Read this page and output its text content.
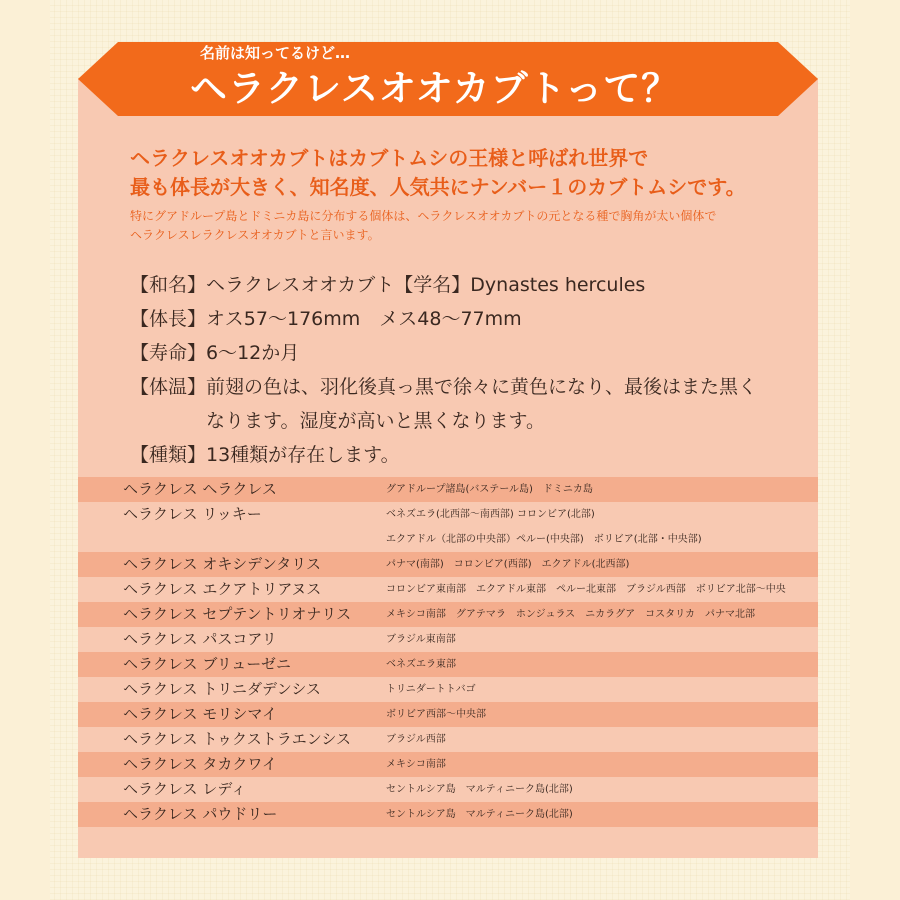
名前は知ってるけど…
ヘラクレスオオカブトって？
ヘラクレスオオカブトはカブトムシの王様と呼ばれ世界で
最も体長が大きく、知名度、人気共にナンバー１のカブトムシです。
特にグアドループ島とドミニカ島に分布する個体は、ヘラクレスオオカブトの元となる種で胸角が太い個体で
ヘラクレスレラクレスオオカブトと言います。
【和名】 ヘラクレスオオカブト【学名】Dynastes hercules
【体長】 オス57〜176mm　メス48〜77mm
【寿命】 6〜12か月
【体温】 前翅の色は、羽化後真っ黒で徐々に黄色になり、最後はまた黒く
なります。湿度が高いと黒くなります。
【種類】 13種類が存在します。
ヘラクレス ヘラクレス	グアドループ諸島(バステール島)　ドミニカ島
ヘラクレス リッキー	ベネズエラ(北西部〜南西部) コロンビア(北部)
エクアドル（北部の中央部）ペルー(中央部)　ボリビア(北部・中央部)
ヘラクレス オキシデンタリス	パナマ(南部)　コロンビア(西部)　エクアドル(北西部)
ヘラクレス エクアトリアヌス	コロンビア東南部　エクアドル東部　ペルー北東部　ブラジル西部　ボリビア北部〜中央
ヘラクレス セプテントリオナリス	メキシコ南部　グアテマラ　ホンジュラス　ニカラグア　コスタリカ　パナマ北部
ヘラクレス パスコアリ	ブラジル東南部
ヘラクレス ブリューゼニ	ベネズエラ東部
ヘラクレス トリニダデンシス	トリニダートトバゴ
ヘラクレス モリシマイ	ボリビア西部〜中央部
ヘラクレス トゥクストラエンシス	ブラジル西部
ヘラクレス タカクワイ	メキシコ南部
ヘラクレス レディ	セントルシア島　マルティニーク島(北部)
ヘラクレス パウドリー	セントルシア島　マルティニーク島(北部)
